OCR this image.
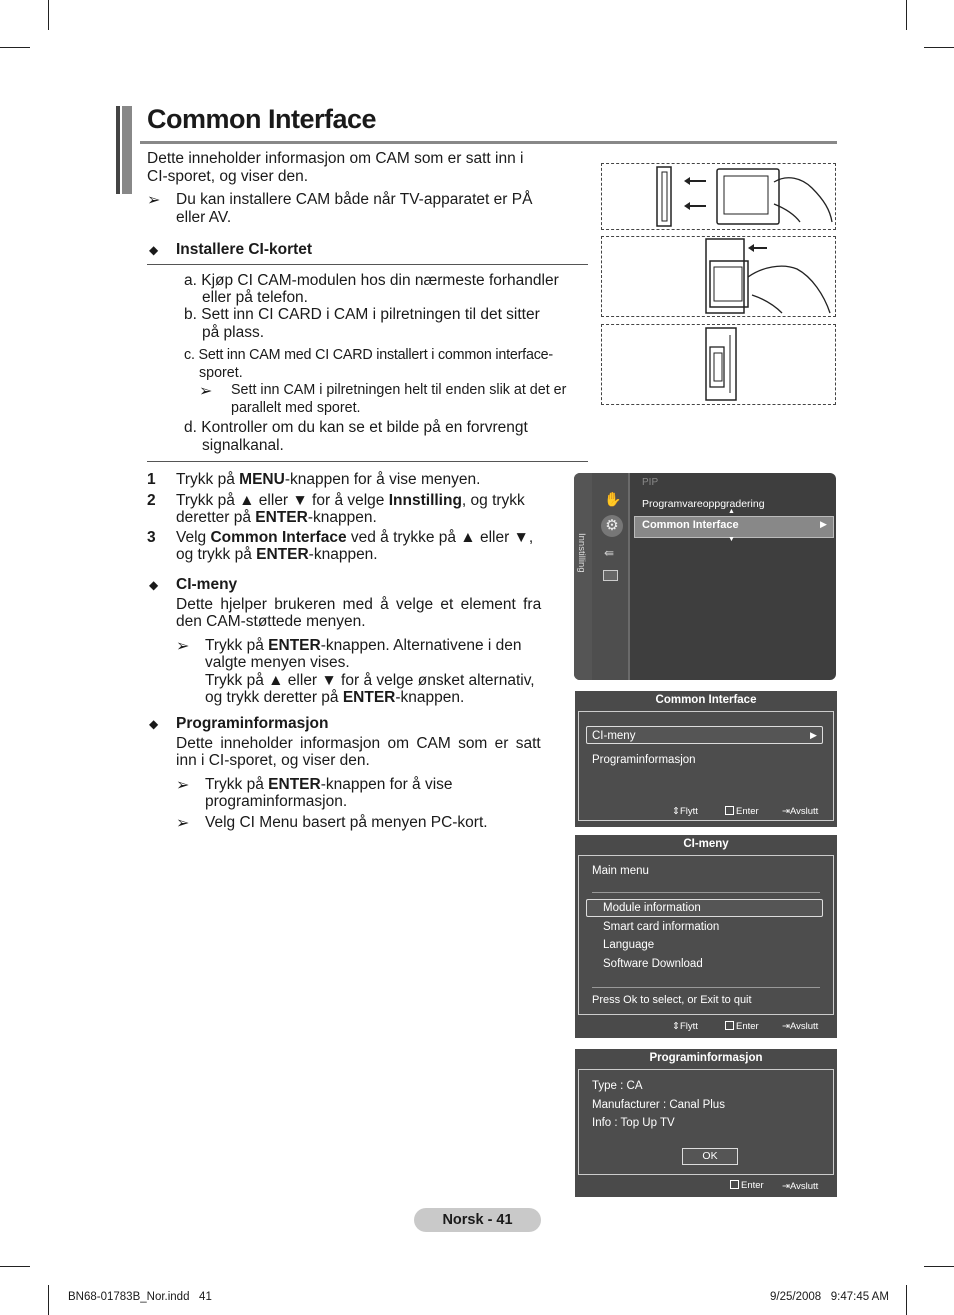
Common Interface
Dette inneholder informasjon om CAM som er satt inn i
CI-sporet, og viser den.
➢ Du kan installere CAM både når TV-apparatet er PÅ
eller AV.
◆ Installere CI-kortet
a. Kjøp CI CAM-modulen hos din nærmeste forhandler
eller på telefon.
b. Sett inn CI CARD i CAM i pilretningen til det sitter
på plass.
c. Sett inn CAM med CI CARD installert i common interface-
sporet.
➢ Sett inn CAM i pilretningen helt til enden slik at det er
parallelt med sporet.
d. Kontroller om du kan se et bilde på en forvrengt
signalkanal.
1 Trykk på MENU-knappen for å vise menyen.
2 Trykk på ▲ eller ▼ for å velge Innstilling, og trykk
deretter på ENTER-knappen.
3 Velg Common Interface ved å trykke på ▲ eller ▼,
og trykk på ENTER-knappen.
◆ CI-meny
Dette hjelper brukeren med å velge et element fra
den CAM-støttede menyen.
➢ Trykk på ENTER-knappen. Alternativene i den
valgte menyen vises.
Trykk på ▲ eller ▼ for å velge ønsket alternativ,
og trykk deretter på ENTER-knappen.
◆ Programinformasjon
Dette inneholder informasjon om CAM som er satt
inn i CI-sporet, og viser den.
➢ Trykk på ENTER-knappen for å vise
programinformasjon.
➢ Velg CI Menu basert på menyen PC-kort.
Innstilling
✋
⚙
⇚
PIP
Programvareoppgradering
Common Interface	▶
▲
▼
Common Interface
CI-meny	▶
Programinformasjon
⇕Flytt	Enter ⇥Avslutt
CI-meny
Main menu
Module information
Smart card information
Language
Software Download
Press Ok to select, or Exit to quit
⇕Flytt	Enter ⇥Avslutt
Programinformasjon
Type : CA
Manufacturer : Canal Plus
Info : Top Up TV
OK
Enter ⇥Avslutt
Norsk - 41
BN68-01783B_Nor.indd   41	9/25/2008   9:47:45 AM
